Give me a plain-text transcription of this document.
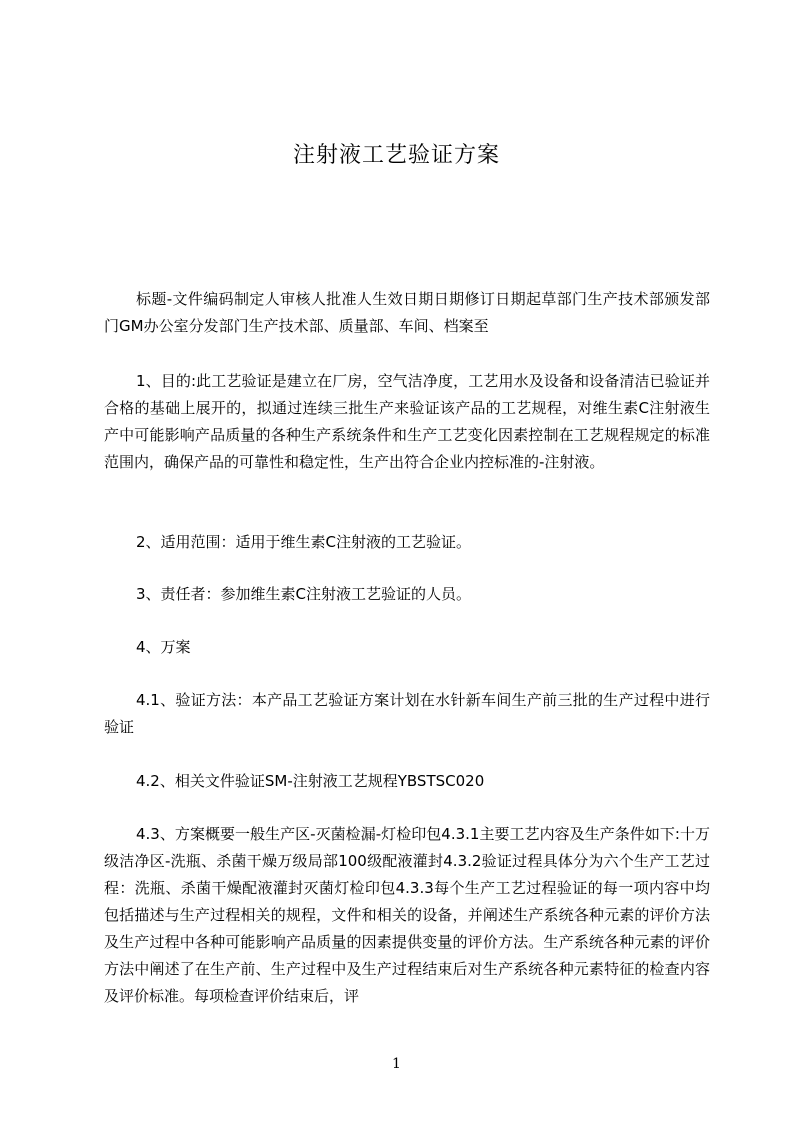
注射液工艺验证方案
标题-文件编码制定人审核人批准人生效日期日期修订日期起草部门生产技术部颁发部门GM办公室分发部门生产技术部、质量部、车间、档案至
1、目的:此工艺验证是建立在厂房，空气洁净度，工艺用水及设备和设备清洁已验证并合格的基础上展开的，拟通过连续三批生产来验证该产品的工艺规程，对维生素C注射液生产中可能影响产品质量的各种生产系统条件和生产工艺变化因素控制在工艺规程规定的标准范围内，确保产品的可靠性和稳定性，生产出符合企业内控标准的-注射液。
2、适用范围：适用于维生素C注射液的工艺验证。
3、责任者：参加维生素C注射液工艺验证的人员。
4、万案
4.1、验证方法：本产品工艺验证方案计划在水针新车间生产前三批的生产过程中进行验证
4.2、相关文件验证SM-注射液工艺规程YBSTSC020
4.3、方案概要一般生产区-灭菌检漏-灯检印包4.3.1主要工艺内容及生产条件如下:十万级洁净区-洗瓶、杀菌干燥万级局部100级配液灌封4.3.2验证过程具体分为六个生产工艺过程：洗瓶、杀菌干燥配液灌封灭菌灯检印包4.3.3每个生产工艺过程验证的每一项内容中均包括描述与生产过程相关的规程，文件和相关的设备，并阐述生产系统各种元素的评价方法及生产过程中各种可能影响产品质量的因素提供变量的评价方法。生产系统各种元素的评价方法中阐述了在生产前、生产过程中及生产过程结束后对生产系统各种元素特征的检查内容及评价标准。每项检查评价结束后，评
1
